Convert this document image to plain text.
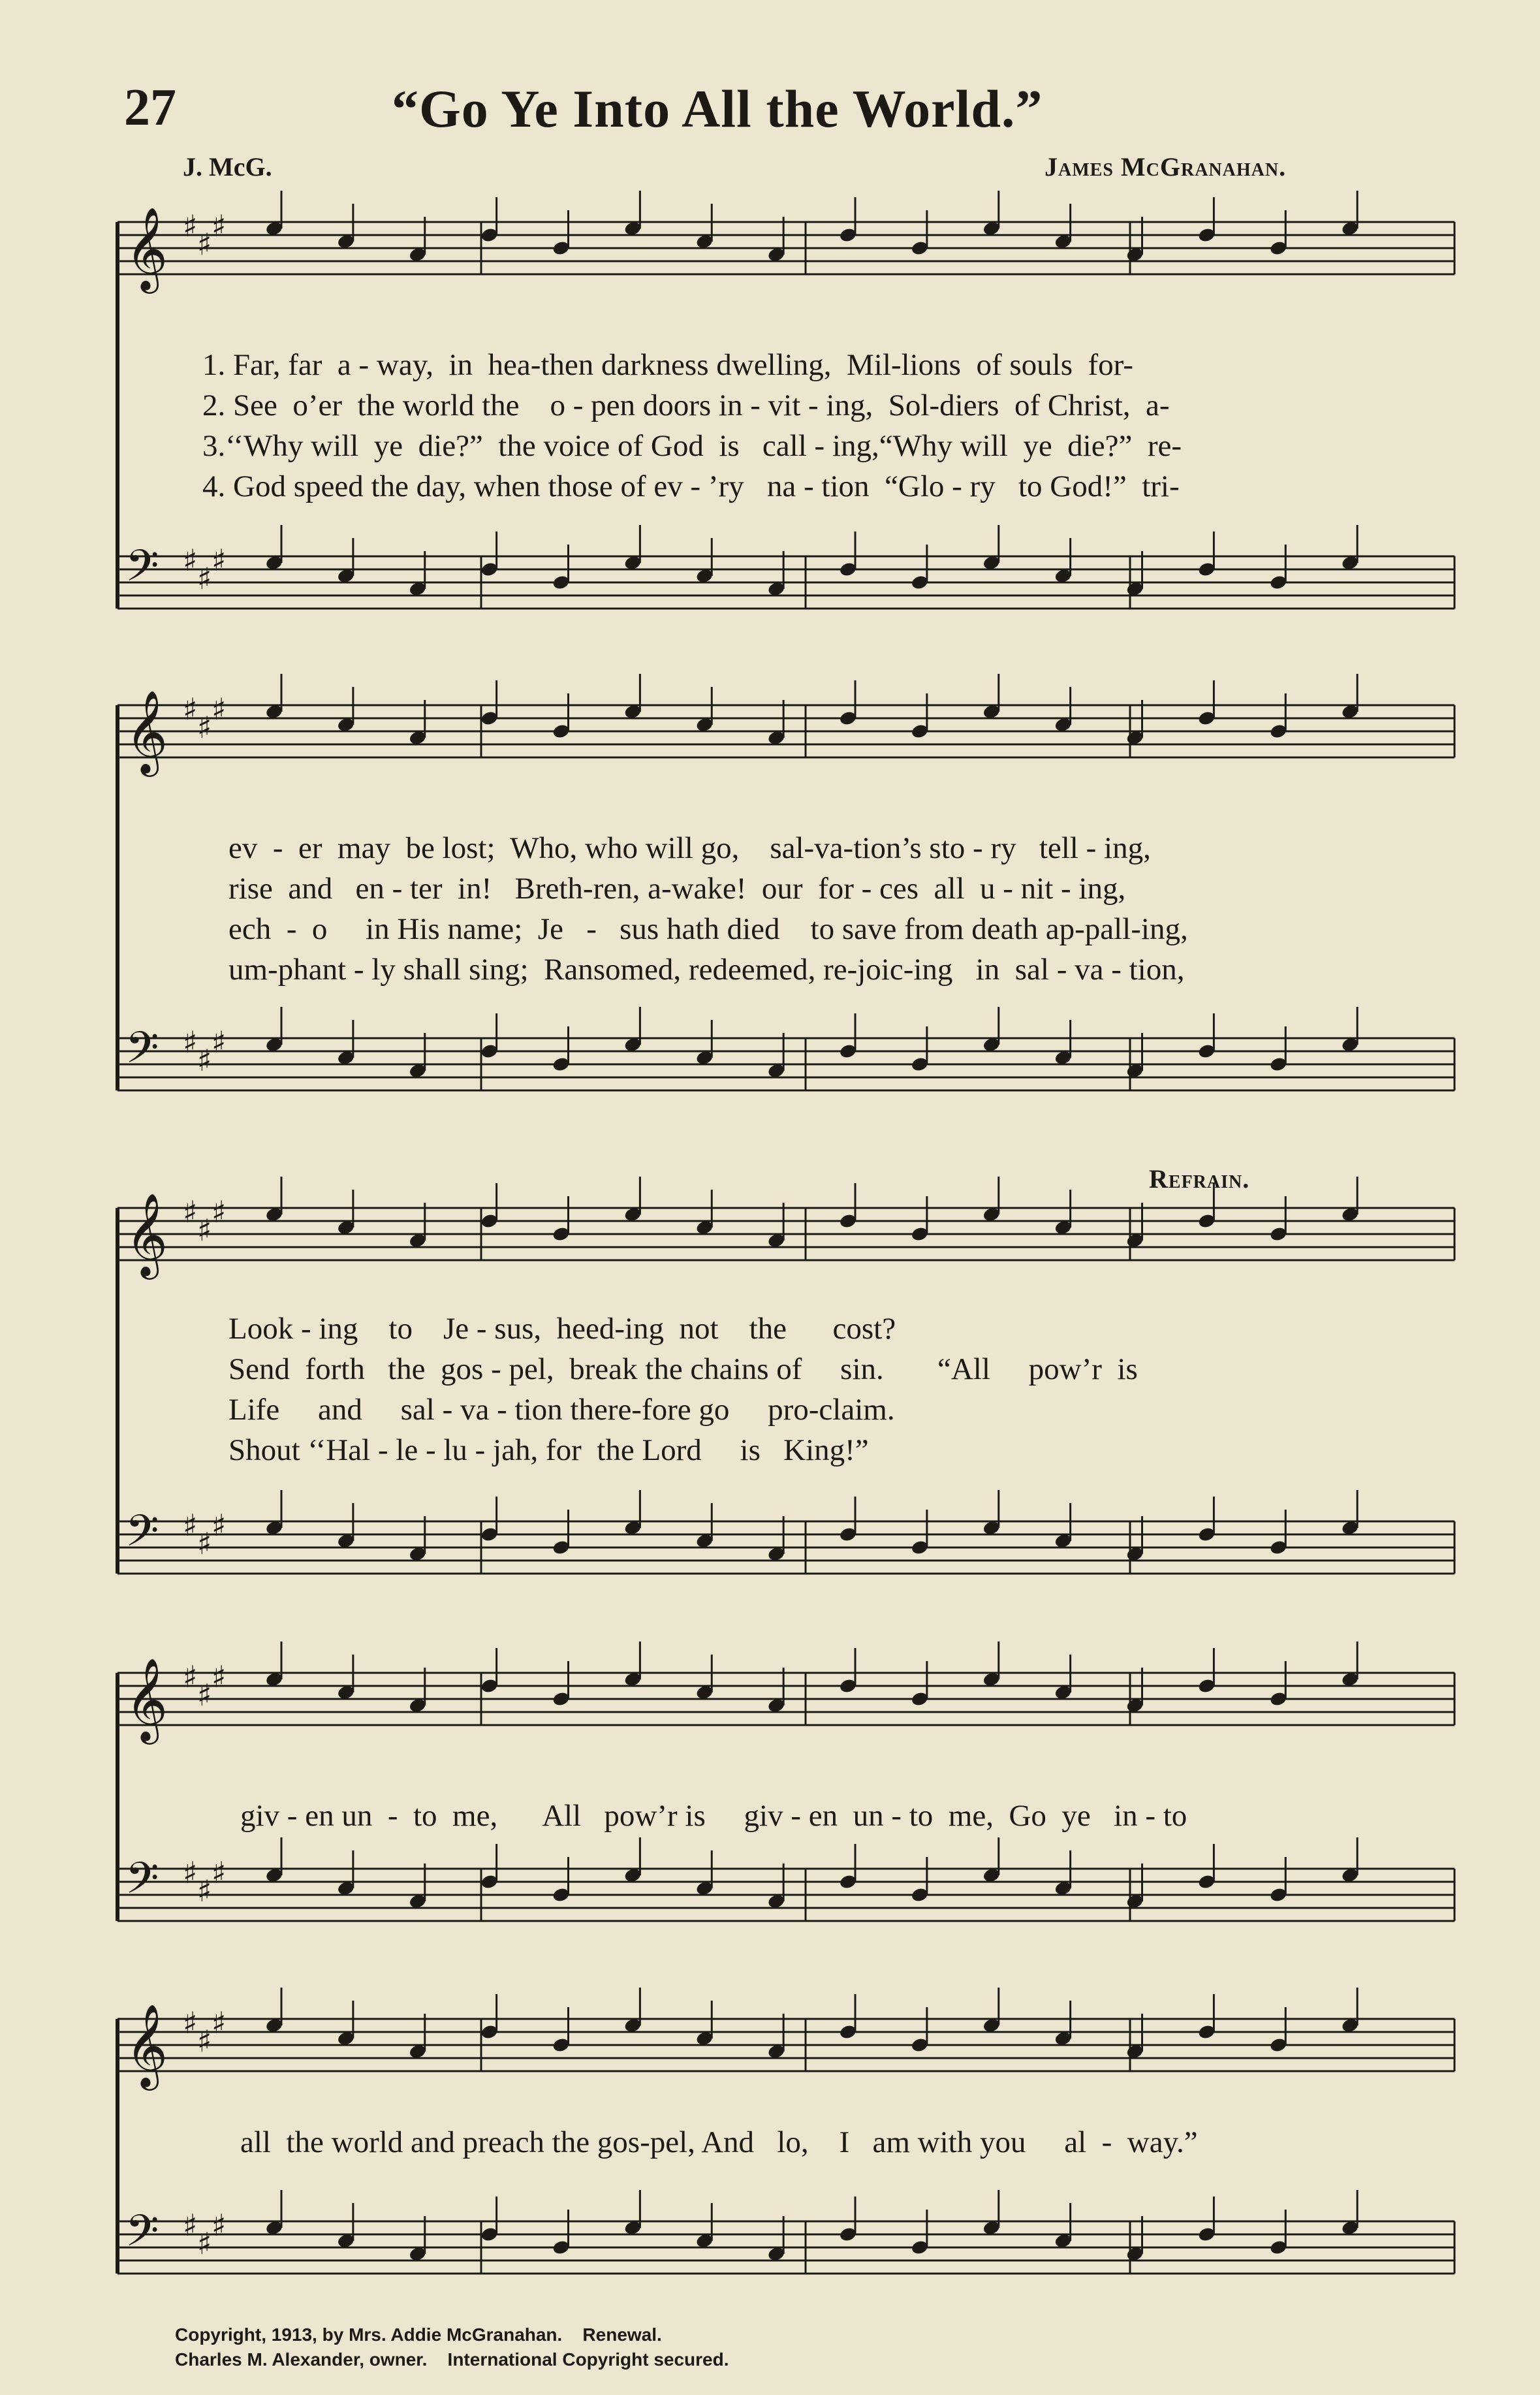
27	“Go Ye Into All the World.”
J. McG.	James McGranahan.
𝄞 ♯
♯
♯
𝄢 ♯
♯
♯
𝄞 ♯
♯
♯
𝄢 ♯
♯
♯
𝄞 ♯
♯
♯
𝄢 ♯
♯
♯
𝄞 ♯
♯
♯
𝄢 ♯
♯
♯
𝄞 ♯
♯
♯
𝄢 ♯
♯
♯
1. Far, far  a - way,  in  hea-then darkness dwelling,  Mil-lions  of souls  for-
2. See  o’er  the world the    o - pen doors in - vit - ing,  Sol-diers  of Christ,  a-
3.‘‘Why will  ye  die?”  the voice of God  is   call - ing,“Why will  ye  die?”  re-
4. God speed the day, when those of ev - ’ry   na - tion  “Glo - ry   to God!”  tri-
ev  -  er  may  be lost;  Who, who will go,    sal-va-tion’s sto - ry   tell - ing,
rise  and   en - ter  in!   Breth-ren, a-wake!  our  for - ces  all  u - nit - ing,
ech  -  o     in His name;  Je   -   sus hath died    to save from death ap-pall-ing,
um-phant - ly shall sing;  Ransomed, redeemed, re-joic-ing   in  sal - va - tion,
Refrain.
Look - ing    to    Je - sus,  heed-ing  not    the      cost?
Send  forth   the  gos - pel,  break the chains of     sin.       “All     pow’r  is
Life     and     sal - va - tion there-fore go     pro-claim.
Shout ‘‘Hal - le - lu - jah, for  the Lord     is   King!”
giv - en un  -  to  me,      All   pow’r is     giv - en  un - to  me,  Go  ye   in - to
all  the world and preach the gos-pel, And   lo,    I   am with you     al  -  way.”
Copyright, 1913, by Mrs. Addie McGranahan.    Renewal.
Charles M. Alexander, owner.    International Copyright secured.
